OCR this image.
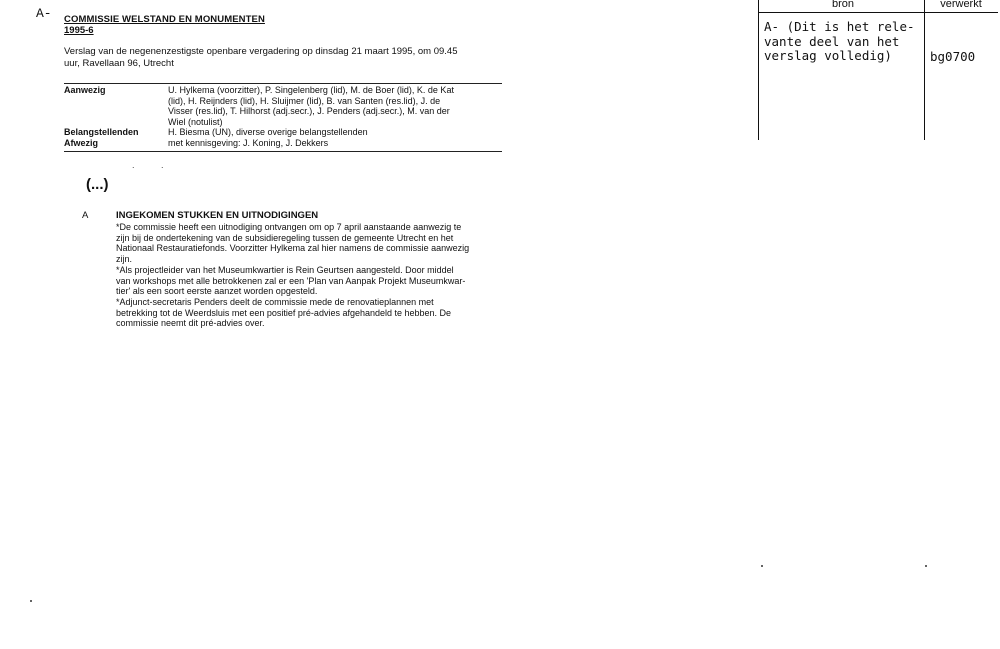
A- COMMISSIE WELSTAND EN MONUMENTEN
1995-6
Verslag van de negenenzestigste openbare vergadering op dinsdag 21 maart 1995, om 09.45
uur, Ravellaan 96, Utrecht
Aanwezig	U. Hylkema (voorzitter), P. Singelenberg (lid), M. de Boer (lid), K. de Kat
(lid), H. Reijnders (lid), H. Sluijmer (lid), B. van Santen (res.lid), J. de
Visser (res.lid), T. Hilhorst (adj.secr.), J. Penders (adj.secr.), M. van der
Wiel (notulist)
Belangstellenden	H. Biesma (UN), diverse overige belangstellenden
Afwezig	met kennisgeving: J. Koning, J. Dekkers
. .
(...)
A	INGEKOMEN STUKKEN EN UITNODIGINGEN

*De commissie heeft een uitnodiging ontvangen om op 7 april aanstaande aanwezig te
zijn bij de ondertekening van de subsidieregeling tussen de gemeente Utrecht en het
Nationaal Restauratiefonds. Voorzitter Hylkema zal hier namens de commissie aanwezig
zijn.

*Als projectleider van het Museumkwartier is Rein Geurtsen aangesteld. Door middel
van workshops met alle betrokkenen zal er een 'Plan van Aanpak Projekt Museumkwar-
tier' als een soort eerste aanzet worden opgesteld.

*Adjunct-secretaris Penders deelt de commissie mede de renovatieplannen met
betrekking tot de Weerdsluis met een positief pré-advies afgehandeld te hebben. De
commissie neemt dit pré-advies over.

bron	verwerkt
A- (Dit is het rele-
vante deel van het
verslag volledig)	bg0700
